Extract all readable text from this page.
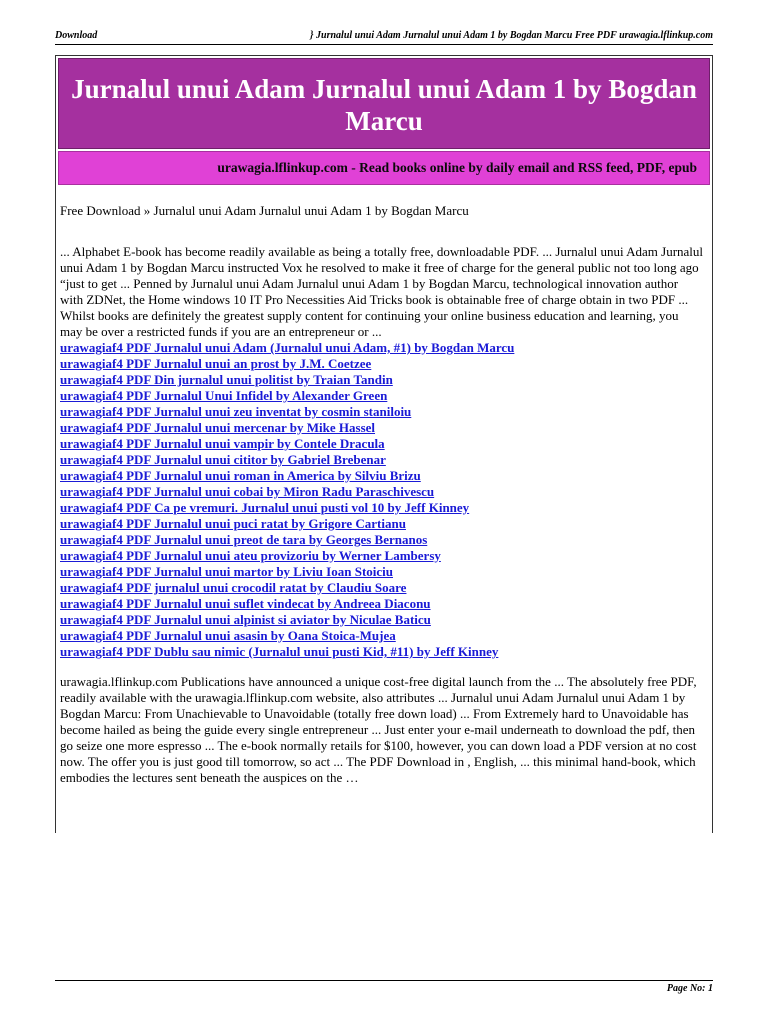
Download	} Jurnalul unui Adam Jurnalul unui Adam 1 by Bogdan Marcu Free PDF urawagia.lflinkup.com
Jurnalul unui Adam Jurnalul unui Adam 1 by Bogdan Marcu
urawagia.lflinkup.com - Read books online by daily email and RSS feed, PDF, epub

Free Download » Jurnalul unui Adam Jurnalul unui Adam 1 by Bogdan Marcu

... Alphabet E-book has become readily available as being a totally free, downloadable PDF. ... Jurnalul unui Adam Jurnalul unui Adam 1 by Bogdan Marcu instructed Vox he resolved to make it free of charge for the general public not too long ago “just to get ... Penned by Jurnalul unui Adam Jurnalul unui Adam 1 by Bogdan Marcu, technological innovation author with ZDNet, the Home windows 10 IT Pro Necessities Aid Tricks book is obtainable free of charge obtain in two PDF ... Whilst books are definitely the greatest supply content for continuing your online business education and learning, you may be over a restricted funds if you are an entrepreneur or ...

urawagiaf4 PDF Jurnalul unui Adam (Jurnalul unui Adam, #1) by Bogdan Marcu
urawagiaf4 PDF Jurnalul unui an prost by J.M. Coetzee
urawagiaf4 PDF Din jurnalul unui politist by Traian Tandin
urawagiaf4 PDF Jurnalul Unui Infidel by Alexander Green
urawagiaf4 PDF Jurnalul unui zeu inventat by cosmin staniloiu
urawagiaf4 PDF Jurnalul unui mercenar by Mike Hassel
urawagiaf4 PDF Jurnalul unui vampir by Contele Dracula
urawagiaf4 PDF Jurnalul unui cititor by Gabriel Brebenar
urawagiaf4 PDF Jurnalul unui roman in America by Silviu Brizu
urawagiaf4 PDF Jurnalul unui cobai by Miron Radu Paraschivescu
urawagiaf4 PDF Ca pe vremuri. Jurnalul unui pusti vol 10 by Jeff Kinney
urawagiaf4 PDF Jurnalul unui puci ratat by Grigore Cartianu
urawagiaf4 PDF Jurnalul unui preot de tara by Georges Bernanos
urawagiaf4 PDF Jurnalul unui ateu provizoriu by Werner Lambersy
urawagiaf4 PDF Jurnalul unui martor by Liviu Ioan Stoiciu
urawagiaf4 PDF jurnalul unui crocodil ratat by Claudiu Soare
urawagiaf4 PDF Jurnalul unui suflet vindecat by Andreea Diaconu
urawagiaf4 PDF Jurnalul unui alpinist si aviator by Niculae Baticu
urawagiaf4 PDF Jurnalul unui asasin by Oana Stoica-Mujea
urawagiaf4 PDF Dublu sau nimic (Jurnalul unui pusti Kid, #11) by Jeff Kinney

urawagia.lflinkup.com Publications have announced a unique cost-free digital launch from the ... The absolutely free PDF, readily available with the urawagia.lflinkup.com website, also attributes ... Jurnalul unui Adam Jurnalul unui Adam 1 by Bogdan Marcu: From Unachievable to Unavoidable (totally free down load) ... From Extremely hard to Unavoidable has become hailed as being the guide every single entrepreneur ... Just enter your e-mail underneath to download the pdf, then go seize one more espresso ... The e-book normally retails for $100, however, you can down load a PDF version at no cost now. The offer you is just good till tomorrow, so act ... The PDF Download in , English, ... this minimal hand-book, which embodies the lectures sent beneath the auspices on the …

Page No: 1
